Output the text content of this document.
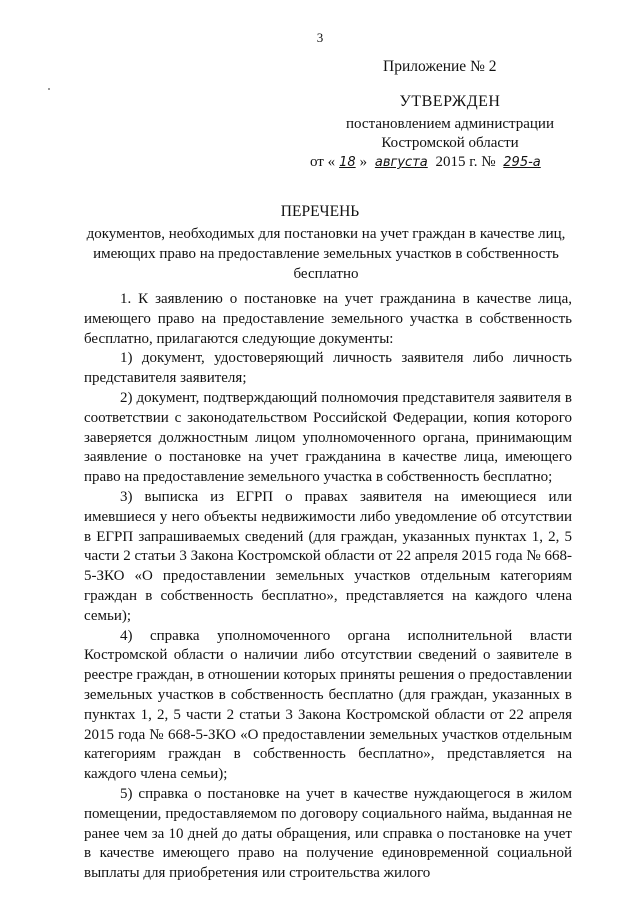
3
Приложение № 2
УТВЕРЖДЕН
постановлением администрации
Костромской области
от « 18 » августа 2015 г. № 295-а
ПЕРЕЧЕНЬ
документов, необходимых для постановки на учет граждан в качестве лиц, имеющих право на предоставление земельных участков в собственность бесплатно

1. К заявлению о постановке на учет гражданина в качестве лица, имеющего право на предоставление земельного участка в собственность бесплатно, прилагаются следующие документы:

1) документ, удостоверяющий личность заявителя либо личность представителя заявителя;

2) документ, подтверждающий полномочия представителя заявителя в соответствии с законодательством Российской Федерации, копия которого заверяется должностным лицом уполномоченного органа, принимающим заявление о постановке на учет гражданина в качестве лица, имеющего право на предоставление земельного участка в собственность бесплатно;

3) выписка из ЕГРП о правах заявителя на имеющиеся или имевшиеся у него объекты недвижимости либо уведомление об отсутствии в ЕГРП запрашиваемых сведений (для граждан, указанных пунктах 1, 2, 5 части 2 статьи 3 Закона Костромской области от 22 апреля 2015 года № 668-5-ЗКО «О предоставлении земельных участков отдельным категориям граждан в собственность бесплатно», представляется на каждого члена семьи);

4) справка уполномоченного органа исполнительной власти Костромской области о наличии либо отсутствии сведений о заявителе в реестре граждан, в отношении которых приняты решения о предоставлении земельных участков в собственность бесплатно (для граждан, указанных в пунктах 1, 2, 5 части 2 статьи 3 Закона Костромской области от 22 апреля 2015 года № 668-5-ЗКО «О предоставлении земельных участков отдельным категориям граждан в собственность бесплатно», представляется на каждого члена семьи);

5) справка о постановке на учет в качестве нуждающегося в жилом помещении, предоставляемом по договору социального найма, выданная не ранее чем за 10 дней до даты обращения, или справка о постановке на учет в качестве имеющего право на получение единовременной социальной выплаты для приобретения или строительства жилого
